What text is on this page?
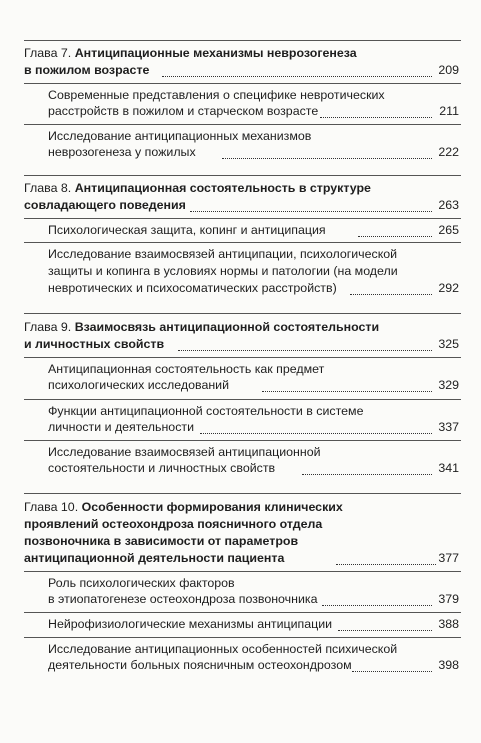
Глава 7. Антиципационные механизмы неврозогенеза
в пожилом возрасте	209
Современные представления о специфике невротических
расстройств в пожилом и старческом возрасте	211
Исследование антиципационных механизмов
неврозогенеза у пожилых	222
Глава 8. Антиципационная состоятельность в структуре
совладающего поведения	263
Психологическая защита, копинг и антиципация	265
Исследование взаимосвязей антиципации, психологической
защиты и копинга в условиях нормы и патологии (на модели
невротических и психосоматических расстройств)	292
Глава 9. Взаимосвязь антиципационной состоятельности
и личностных свойств	325
Антиципационная состоятельность как предмет
психологических исследований	329
Функции антиципационной состоятельности в системе
личности и деятельности	337
Исследование взаимосвязей антиципационной
состоятельности и личностных свойств	341
Глава 10. Особенности формирования клинических
проявлений остеохондроза поясничного отдела
позвоночника в зависимости от параметров
антиципационной деятельности пациента	377
Роль психологических факторов
в этиопатогенезе остеохондроза позвоночника	379
Нейрофизиологические механизмы антиципации	388
Исследование антиципационных особенностей психической
деятельности больных поясничным остеохондрозом	398
